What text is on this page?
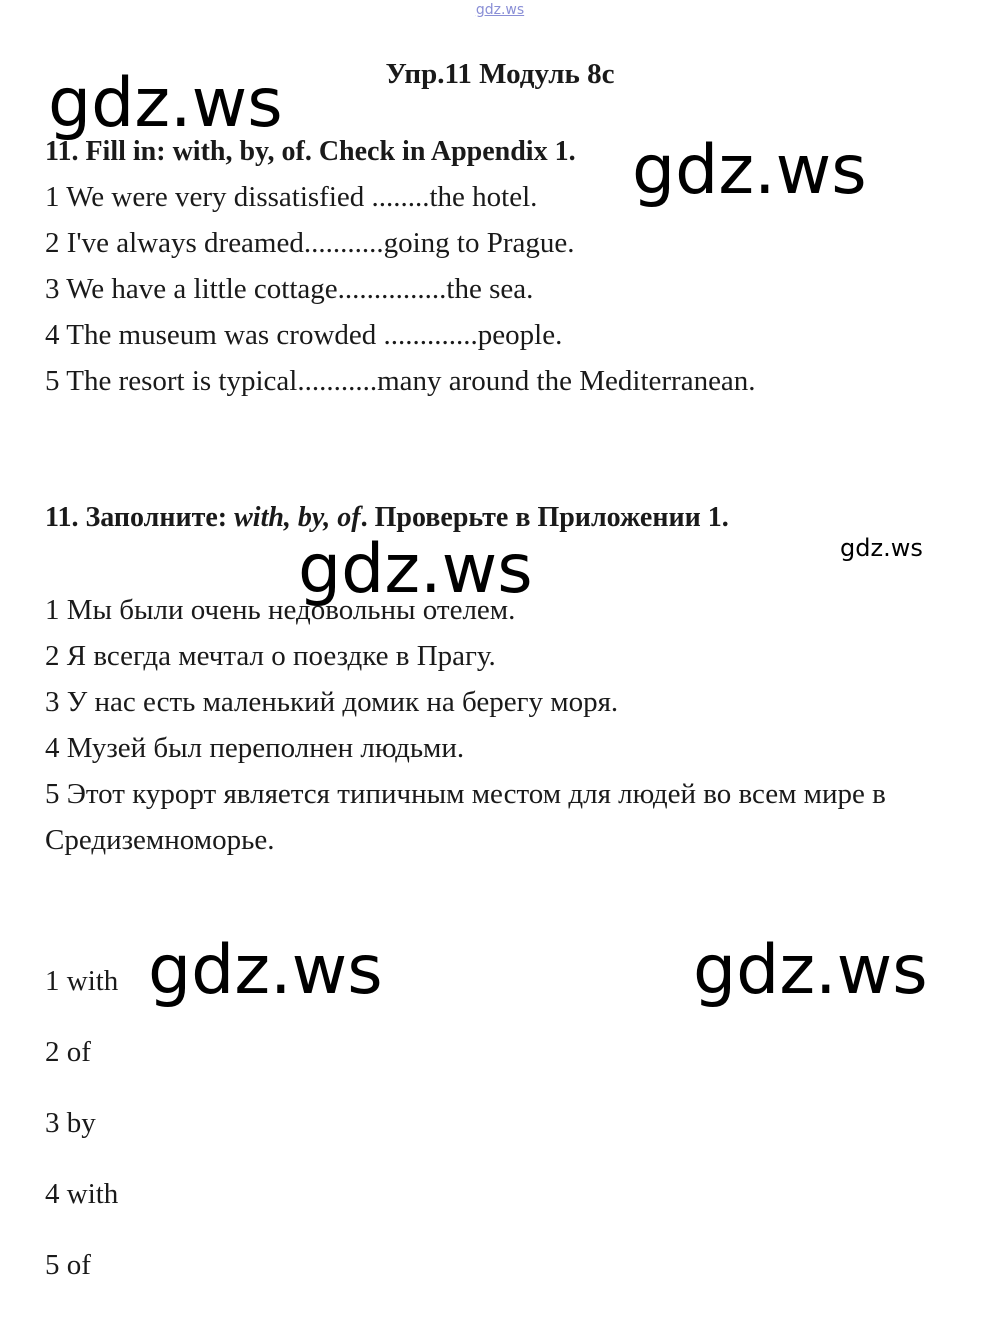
gdz.ws
Упр.11 Модуль 8с
11. Fill in: with, by, of. Check in Appendix 1.
1 We were very dissatisfied ........the hotel.
2 I've always dreamed...........going to Prague.
3 We have a little cottage...............the sea.
4 The museum was crowded .............people.
5 The resort is typical...........many around the Mediterranean.
11. Заполните: with, by, of. Проверьте в Приложении 1.
1 Мы были очень недовольны отелем.
2 Я всегда мечтал о поездке в Прагу.
3 У нас есть маленький домик на берегу моря.
4 Музей был переполнен людьми.
5 Этот курорт является типичным местом для людей во всем мире в
Средиземноморье.
1 with
2 of
3 by
4 with
5 of
gdz.ws
gdz.ws
gdz.ws
gdz.ws
gdz.ws	gdz.ws
